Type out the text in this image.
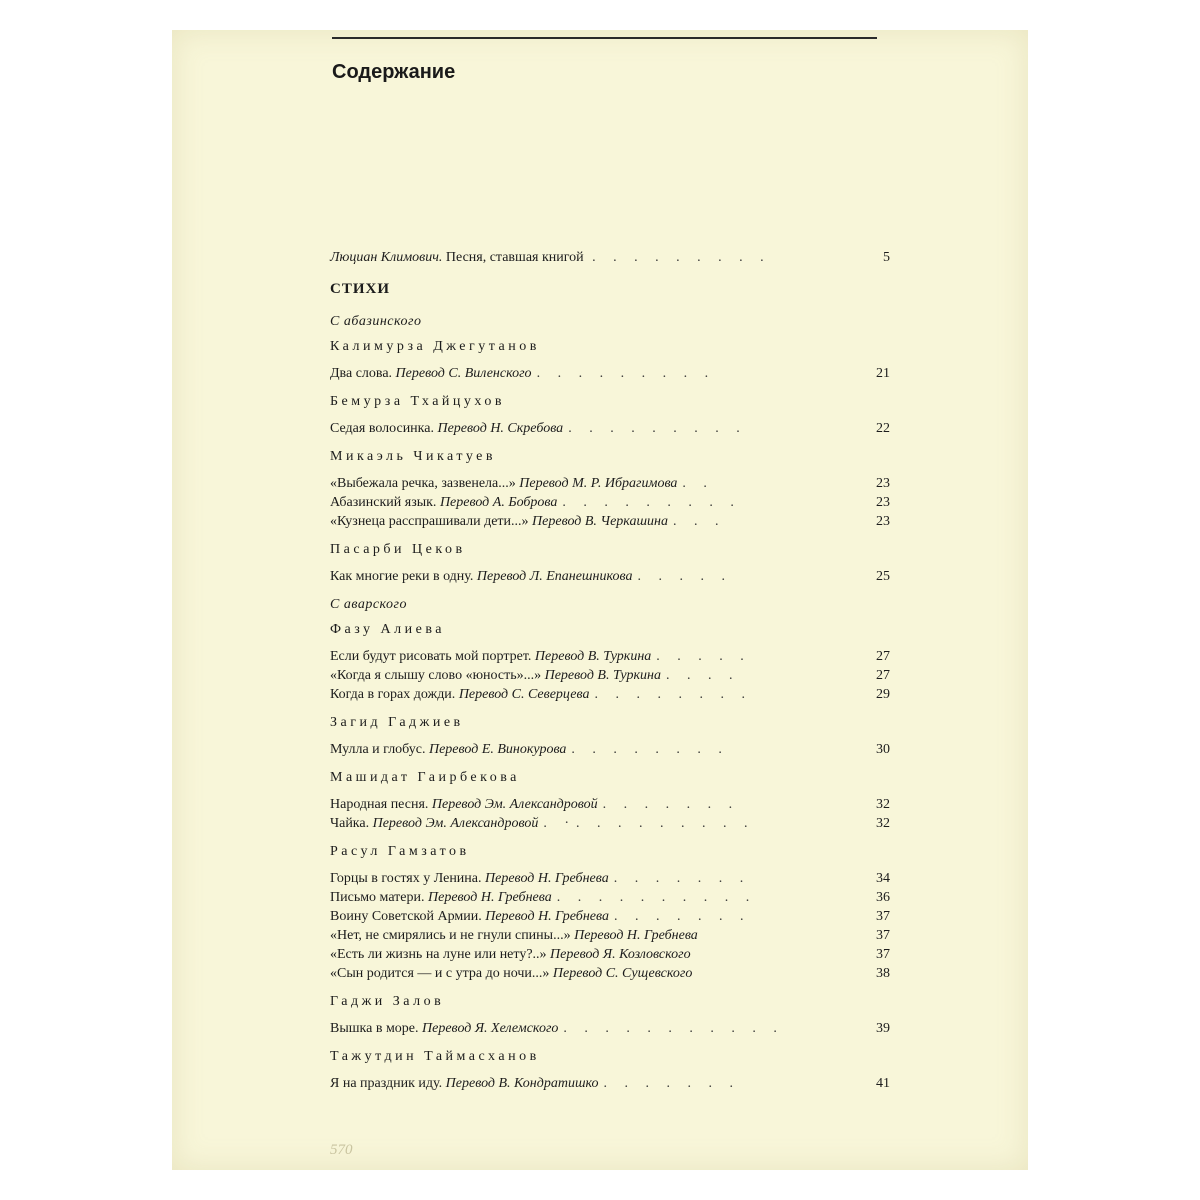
Содержание
Люциан Климович. Песня, ставшая книгой . . . . . . . . .	5
СТИХИ
С абазинского
Калимурза Джегутанов
Два слова. Перевод С. Виленского . . . . . . . . .	21
Бемурза Тхайцухов
Седая волосинка. Перевод Н. Скребова . . . . . . . . .	22
Микаэль Чикатуев
«Выбежала речка, зазвенела...» Перевод М. Р. Ибрагимова . .	23
Абазинский язык. Перевод А. Боброва . . . . . . . . .	23
«Кузнеца расспрашивали дети...» Перевод В. Черкашина . . .	23
Пасарби Цеков
Как многие реки в одну. Перевод Л. Епанешникова . . . . .	25
С аварского
Фазу Алиева
Если будут рисовать мой портрет. Перевод В. Туркина . . . . .	27
«Когда я слышу слово «юность»...» Перевод В. Туркина . . . .	27
Когда в горах дожди. Перевод С. Северцева . . . . . . . .	29
Загид Гаджиев
Мулла и глобус. Перевод Е. Винокурова . . . . . . . .	30
Машидат Гаирбекова
Народная песня. Перевод Эм. Александровой . . . . . . .	32
Чайка. Перевод Эм. Александровой . ·. . . . . . . . .	32
Расул Гамзатов
Горцы в гостях у Ленина. Перевод Н. Гребнева . . . . . . .	34
Письмо матери. Перевод Н. Гребнева . . . . . . . . . .	36
Воину Советской Армии. Перевод Н. Гребнева . . . . . . .	37
«Нет, не смирялись и не гнули спины...» Перевод Н. Гребнева	37
«Есть ли жизнь на луне или нету?..» Перевод Я. Козловского	37
«Сын родится — и с утра до ночи...» Перевод С. Сущевского	38
Гаджи Залов
Вышка в море. Перевод Я. Хелемского . . . . . . . . . . .	39
Тажутдин Таймасханов
Я на праздник иду. Перевод В. Кондратишко . . . . . . .	41
570
